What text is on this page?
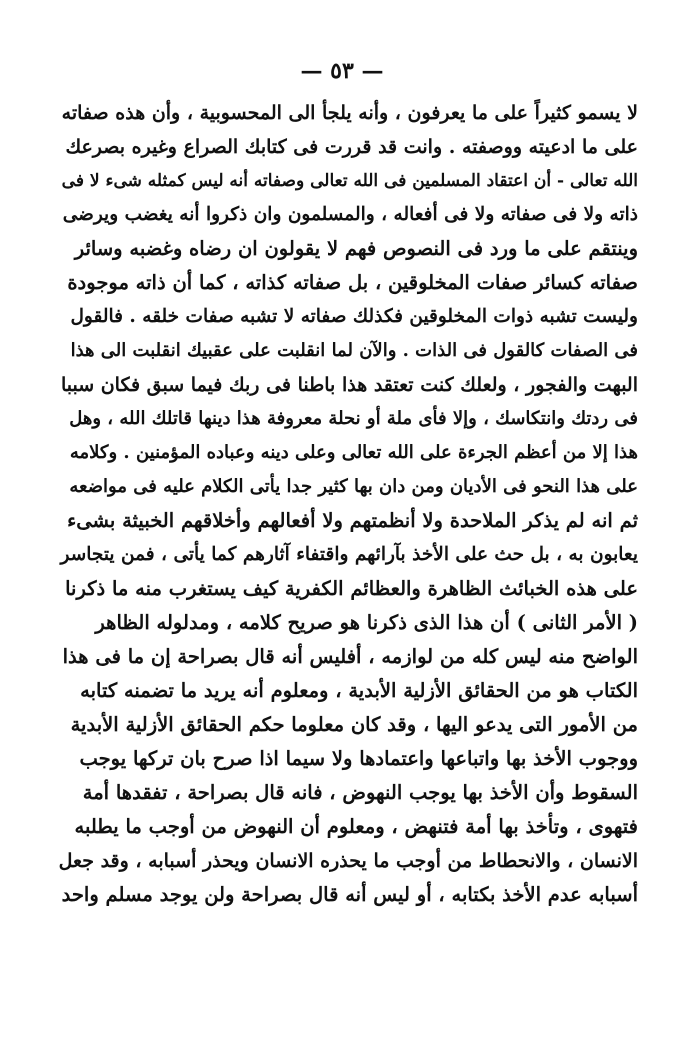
— ٥٣ —
لا يسمو كثيراً على ما يعرفون ، وأنه يلجأ الى المحسوبية ، وأن هذه صفاته
على ما ادعيته ووصفته . وانت قد قررت فى كتابك الصراع وغيره بصرعك
الله تعالى - أن اعتقاد المسلمين فى الله تعالى وصفاته أنه ليس كمثله شىء لا فى
ذاته ولا فى صفاته ولا فى أفعاله ، والمسلمون وان ذكروا أنه يغضب ويرضى
وينتقم على ما ورد فى النصوص فهم لا يقولون ان رضاه وغضبه وسائر
صفاته كسائر صفات المخلوقين ، بل صفاته كذاته ، كما أن ذاته موجودة
وليست تشبه ذوات المخلوقين فكذلك صفاته لا تشبه صفات خلقه . فالقول
فى الصفات كالقول فى الذات . والآن لما انقلبت على عقبيك انقلبت الى هذا
البهت والفجور ، ولعلك كنت تعتقد هذا باطنا فى ربك فيما سبق فكان سببا
فى ردتك وانتكاسك ، وإلا فأى ملة أو نحلة معروفة هذا دينها قاتلك الله ، وهل
هذا إلا من أعظم الجرءة على الله تعالى وعلى دينه وعباده المؤمنين . وكلامه
على هذا النحو فى الأديان ومن دان بها كثير جدا يأتى الكلام عليه فى مواضعه
ثم انه لم يذكر الملاحدة ولا أنظمتهم ولا أفعالهم وأخلاقهم الخبيثة بشىء
يعابون به ، بل حث على الأخذ بآرائهم واقتفاء آثارهم كما يأتى ، فمن يتجاسر
على هذه الخبائث الظاهرة والعظائم الكفرية كيف يستغرب منه ما ذكرنا
( الأمر الثانى ) أن هذا الذى ذكرنا هو صريح كلامه ، ومدلوله الظاهر
الواضح منه ليس كله من لوازمه ، أفليس أنه قال بصراحة إن ما فى هذا
الكتاب هو من الحقائق الأزلية الأبدية ، ومعلوم أنه يريد ما تضمنه كتابه
من الأمور التى يدعو اليها ، وقد كان معلوما حكم الحقائق الأزلية الأبدية
ووجوب الأخذ بها واتباعها واعتمادها ولا سيما اذا صرح بان تركها يوجب
السقوط وأن الأخذ بها يوجب النهوض ، فانه قال بصراحة ، تفقدها أمة
فتهوى ، وتأخذ بها أمة فتنهض ، ومعلوم أن النهوض من أوجب ما يطلبه
الانسان ، والانحطاط من أوجب ما يحذره الانسان ويحذر أسبابه ، وقد جعل
أسبابه عدم الأخذ بكتابه ، أو ليس أنه قال بصراحة ولن يوجد مسلم واحد
